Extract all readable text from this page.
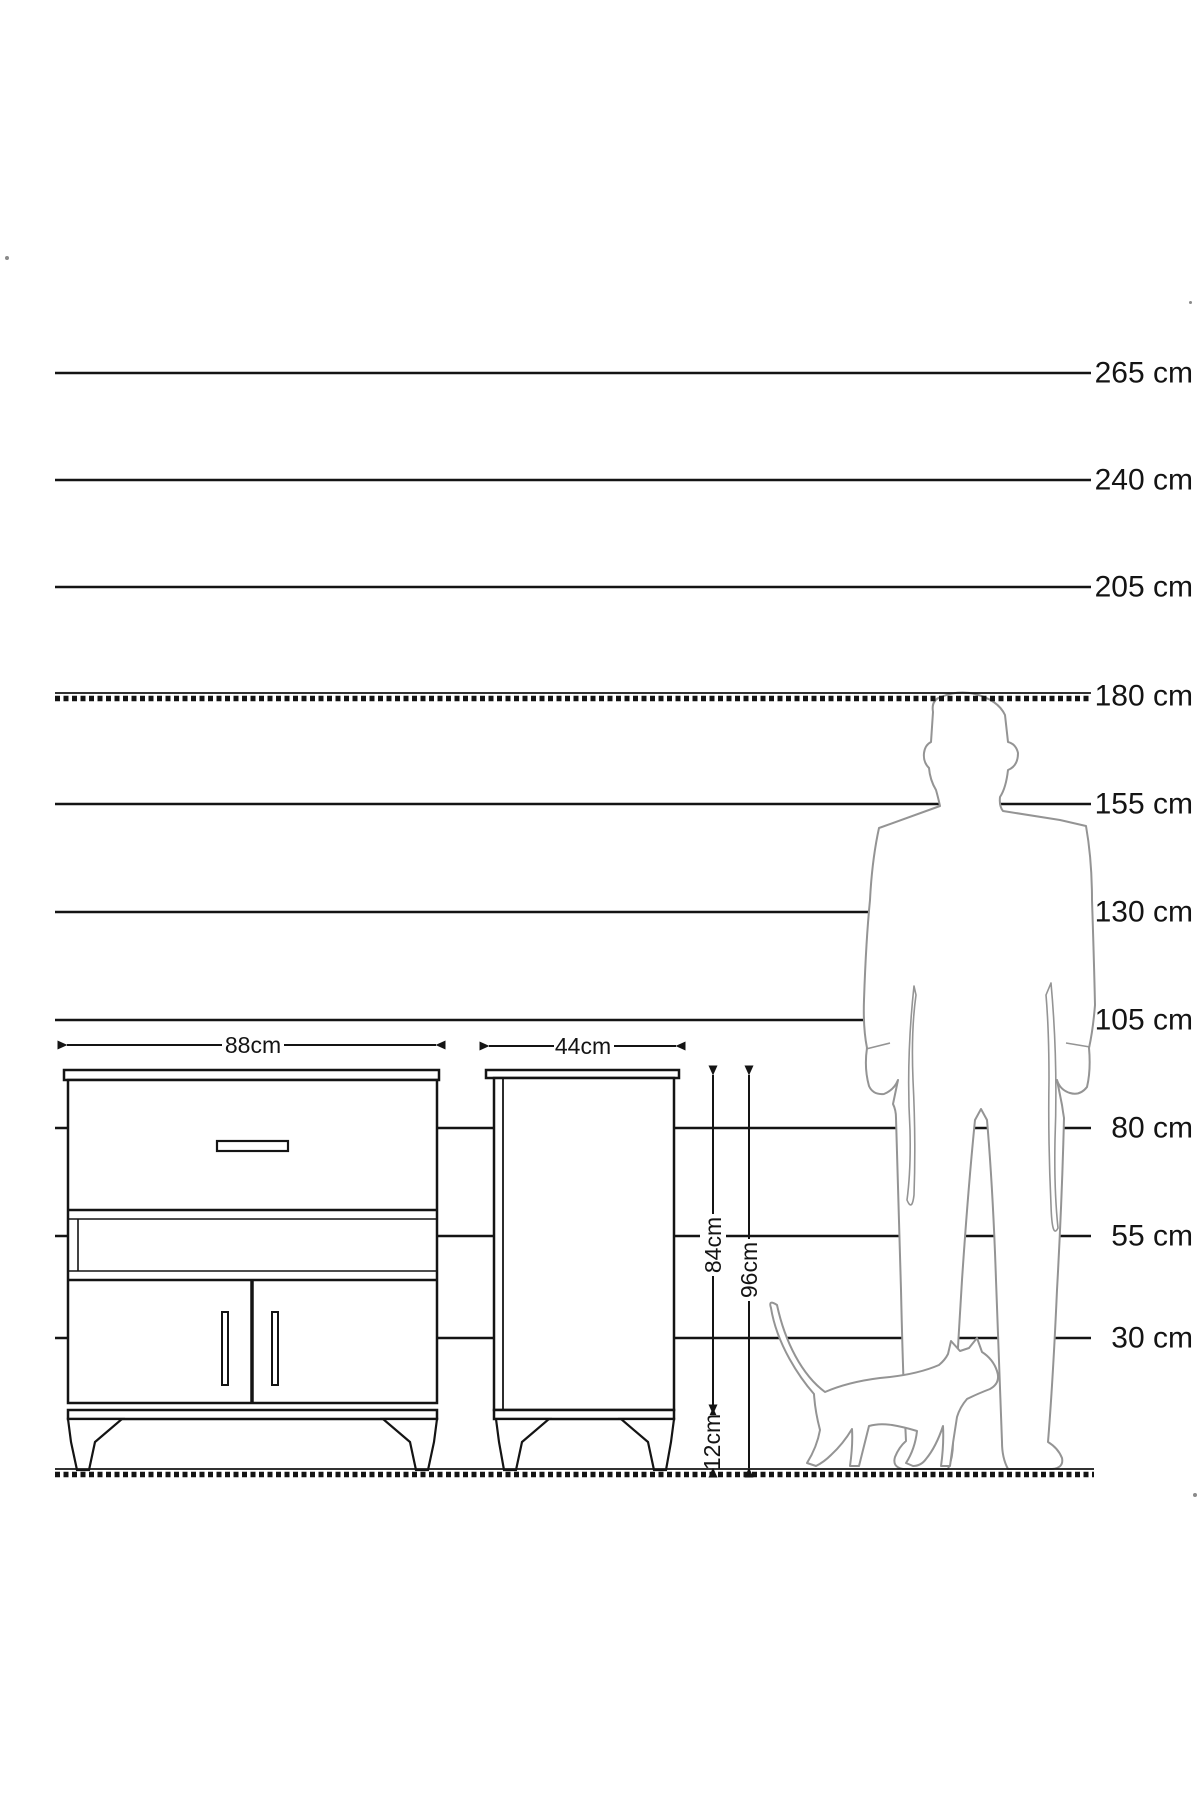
88cm	44cm
84cm 96cm
12cm
265 cm
240 cm
205 cm
180 cm
155 cm
130 cm
105 cm
80 cm
55 cm
30 cm
